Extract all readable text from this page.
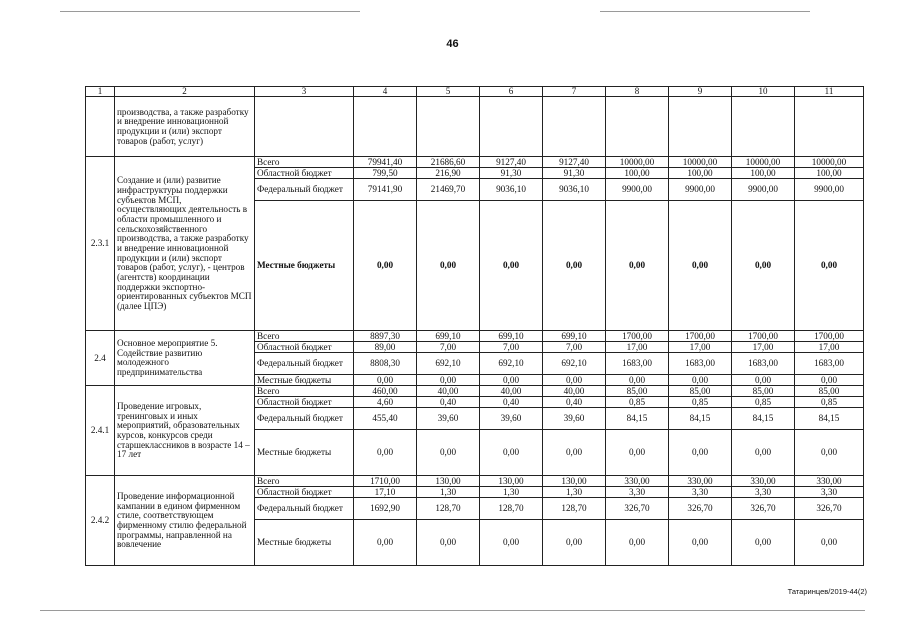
46
1	2	3	4	5	6	7	8	9	10	11
	производства, а также разработку и внедрение инновационной продукции и (или) экспорт товаров (работ, услуг)									
2.3.1	Создание и (или) развитие инфраструктуры поддержки субъектов МСП, осуществляющих деятельность в области промышленного и сельскохозяйственного производства, а также разработку и внедрение инновационной продукции и (или) экспорт товаров (работ, услуг), - центров (агентств) координации поддержки экспортно-ориентированных субъектов МСП (далее ЦПЭ)	Всего	79941,40	21686,60	9127,40	9127,40	10000,00	10000,00	10000,00	10000,00
		Областной бюджет	799,50	216,90	91,30	91,30	100,00	100,00	100,00	100,00
		Федеральный бюджет	79141,90	21469,70	9036,10	9036,10	9900,00	9900,00	9900,00	9900,00
		Местные бюджеты	0,00	0,00	0,00	0,00	0,00	0,00	0,00	0,00
2.4	Основное мероприятие 5. Содействие развитию молодежного предпринимательства	Всего	8897,30	699,10	699,10	699,10	1700,00	1700,00	1700,00	1700,00
		Областной бюджет	89,00	7,00	7,00	7,00	17,00	17,00	17,00	17,00
		Федеральный бюджет	8808,30	692,10	692,10	692,10	1683,00	1683,00	1683,00	1683,00
		Местные бюджеты	0,00	0,00	0,00	0,00	0,00	0,00	0,00	0,00
2.4.1	Проведение игровых, тренинговых и иных мероприятий, образовательных курсов, конкурсов среди старшеклассников в возрасте 14 – 17 лет	Всего	460,00	40,00	40,00	40,00	85,00	85,00	85,00	85,00
		Областной бюджет	4,60	0,40	0,40	0,40	0,85	0,85	0,85	0,85
		Федеральный бюджет	455,40	39,60	39,60	39,60	84,15	84,15	84,15	84,15
		Местные бюджеты	0,00	0,00	0,00	0,00	0,00	0,00	0,00	0,00
2.4.2	Проведение информационной кампании в едином фирменном стиле, соответствующем фирменному стилю федеральной программы, направленной на вовлечение	Всего	1710,00	130,00	130,00	130,00	330,00	330,00	330,00	330,00
		Областной бюджет	17,10	1,30	1,30	1,30	3,30	3,30	3,30	3,30
		Федеральный бюджет	1692,90	128,70	128,70	128,70	326,70	326,70	326,70	326,70
		Местные бюджеты	0,00	0,00	0,00	0,00	0,00	0,00	0,00	0,00
Татаринцев/2019-44(2)
